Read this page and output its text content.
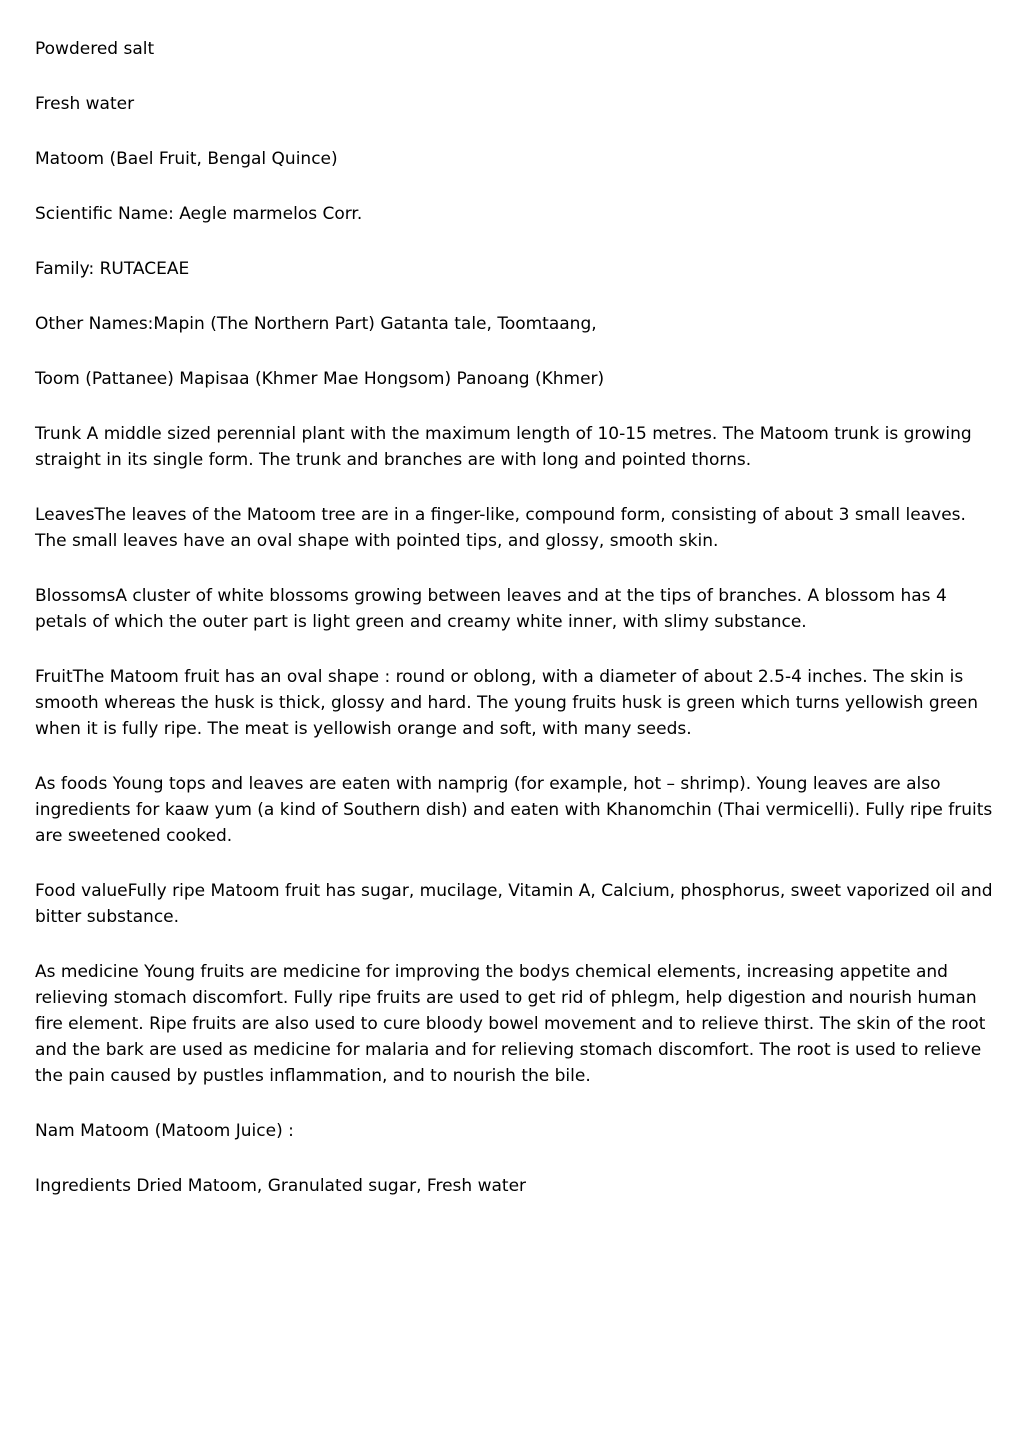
Powdered salt

Fresh water

Matoom (Bael Fruit, Bengal Quince)

Scientific Name: Aegle marmelos Corr.

Family: RUTACEAE

Other Names:Mapin (The Northern Part) Gatanta tale, Toomtaang,

Toom (Pattanee) Mapisaa (Khmer Mae Hongsom) Panoang (Khmer)

Trunk A middle sized perennial plant with the maximum length of 10-15 metres. The Matoom trunk is growing straight in its single form. The trunk and branches are with long and pointed thorns.

LeavesThe leaves of the Matoom tree are in a finger-like, compound form, consisting of about 3 small leaves. The small leaves have an oval shape with pointed tips, and glossy, smooth skin.

BlossomsA cluster of white blossoms growing between leaves and at the tips of branches. A blossom has 4 petals of which the outer part is light green and creamy white inner, with slimy substance.

FruitThe Matoom fruit has an oval shape : round or oblong, with a diameter of about 2.5-4 inches. The skin is smooth whereas the husk is thick, glossy and hard. The young fruits husk is green which turns yellowish green when it is fully ripe. The meat is yellowish orange and soft, with many seeds.

As foods Young tops and leaves are eaten with namprig (for example, hot – shrimp). Young leaves are also ingredients for kaaw yum (a kind of Southern dish) and eaten with Khanomchin (Thai vermicelli). Fully ripe fruits are sweetened cooked.

Food valueFully ripe Matoom fruit has sugar, mucilage, Vitamin A, Calcium, phosphorus, sweet vaporized oil and bitter substance.

As medicine Young fruits are medicine for improving the bodys chemical elements, increasing appetite and relieving stomach discomfort. Fully ripe fruits are used to get rid of phlegm, help digestion and nourish human fire element. Ripe fruits are also used to cure bloody bowel movement and to relieve thirst. The skin of the root and the bark are used as medicine for malaria and for relieving stomach discomfort. The root is used to relieve the pain caused by pustles inflammation, and to nourish the bile.

Nam Matoom (Matoom Juice) :

Ingredients Dried Matoom, Granulated sugar, Fresh water
